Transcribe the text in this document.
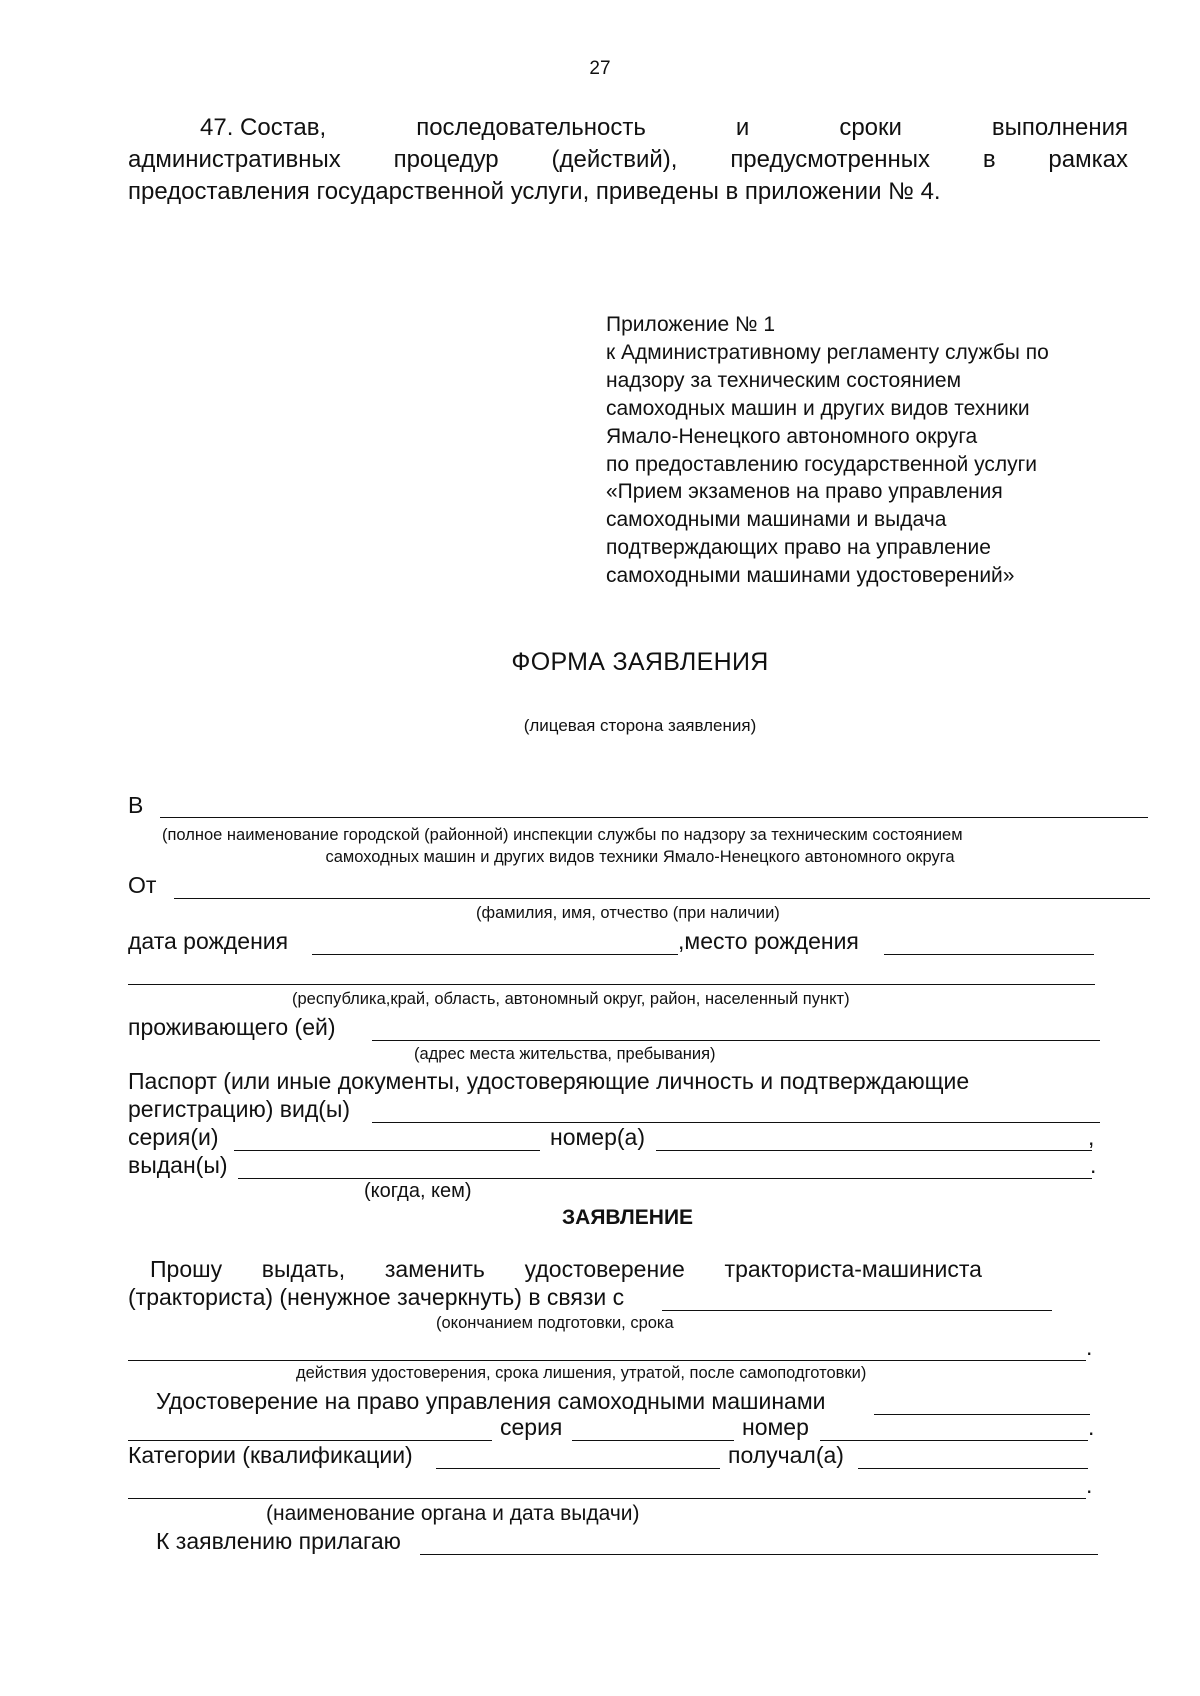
27
47. Состав,	последовательность	и	сроки	выполнения
административных процедур (действий), предусмотренных в рамках
предоставления государственной услуги, приведены в приложении № 4.
Приложение № 1
к Административному регламенту службы по
надзору за техническим состоянием
самоходных машин и других видов техники
Ямало-Ненецкого автономного округа
по предоставлению государственной услуги
«Прием экзаменов на право управления
самоходными машинами и выдача
подтверждающих право на управление
самоходными машинами удостоверений»
ФОРМА ЗАЯВЛЕНИЯ
(лицевая сторона заявления)
В
(полное наименование городской (районной) инспекции службы по надзору за техническим состоянием
самоходных машин и других видов техники Ямало-Ненецкого автономного округа
От
(фамилия, имя, отчество (при наличии)
дата рождения	,место рождения
(республика,край, область, автономный округ, район, населенный пункт)
проживающего (ей)
(адрес места жительства, пребывания)
Паспорт (или иные документы, удостоверяющие личность и подтверждающие
регистрацию) вид(ы)
серия(и)	номер(а)	,
выдан(ы)	.
(когда, кем)
ЗАЯВЛЕНИЕ
Прошу выдать, заменить удостоверение тракториста-машиниста
(тракториста) (ненужное зачеркнуть) в связи с
(окончанием подготовки, срока
.
действия удостоверения, срока лишения, утратой, после самоподготовки)
Удостоверение на право управления самоходными машинами
серия	номер	.
Категории (квалификации)	получал(а)
.
(наименование органа и дата выдачи)
К заявлению прилагаю
